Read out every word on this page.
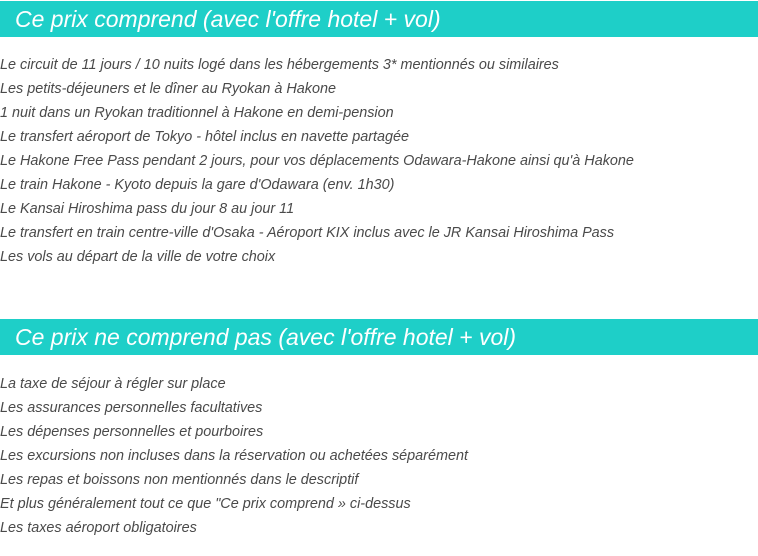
Ce prix comprend (avec l'offre hotel + vol)
Le circuit de 11 jours / 10 nuits logé dans les hébergements 3* mentionnés ou similaires
Les petits-déjeuners et le dîner au Ryokan à Hakone
1 nuit dans un Ryokan traditionnel à Hakone en demi-pension
Le transfert aéroport de Tokyo - hôtel inclus en navette partagée
Le Hakone Free Pass pendant 2 jours, pour vos déplacements Odawara-Hakone ainsi qu'à Hakone
Le train Hakone - Kyoto depuis la gare d'Odawara (env. 1h30)
Le Kansai Hiroshima pass du jour 8 au jour 11
Le transfert en train centre-ville d'Osaka - Aéroport KIX inclus avec le JR Kansai Hiroshima Pass
Les vols au départ de la ville de votre choix
Ce prix ne comprend pas (avec l'offre hotel + vol)
La taxe de séjour à régler sur place
Les assurances personnelles facultatives
Les dépenses personnelles et pourboires
Les excursions non incluses dans la réservation ou achetées séparément
Les repas et boissons non mentionnés dans le descriptif
Et plus généralement tout ce que "Ce prix comprend » ci-dessus
Les taxes aéroport obligatoires
